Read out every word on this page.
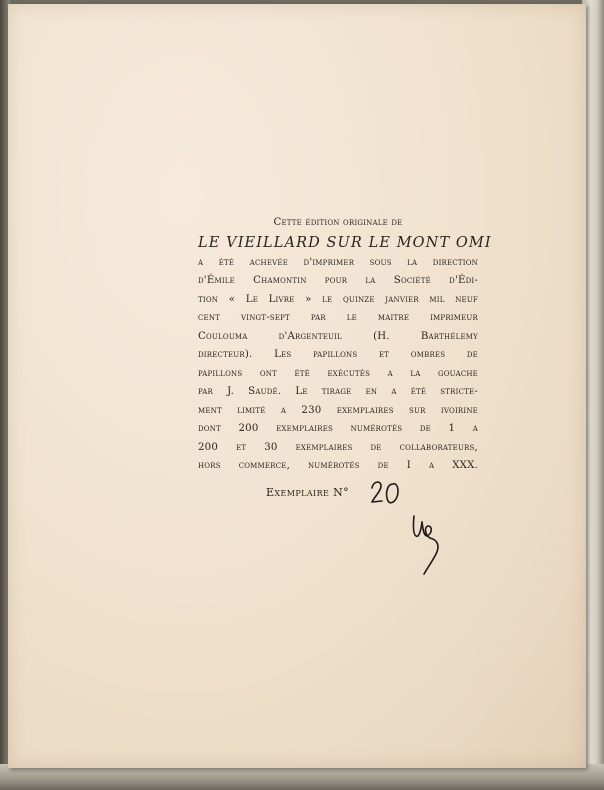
Cette édition originale de
LE VIEILLARD SUR LE MONT OMI
a été achevée d'imprimer sous la direction
d'Émile Chamontin pour la Société d'Édi-
tion « Le Livre » le quinze janvier mil neuf
cent vingt-sept par le maitre imprimeur
Coulouma d'Argenteuil (H. Barthélemy
directeur). Les papillons et ombres de
papillons ont été exécutés a la gouache
par J. Saudé. Le tirage en a été stricte-
ment limité a 230 exemplaires sur ivoirine
dont 200 exemplaires numérotés de 1 a
200 et 30 exemplaires de collaborateurs,
hors commerce, numérotés de I a XXX.
Exemplaire N°
